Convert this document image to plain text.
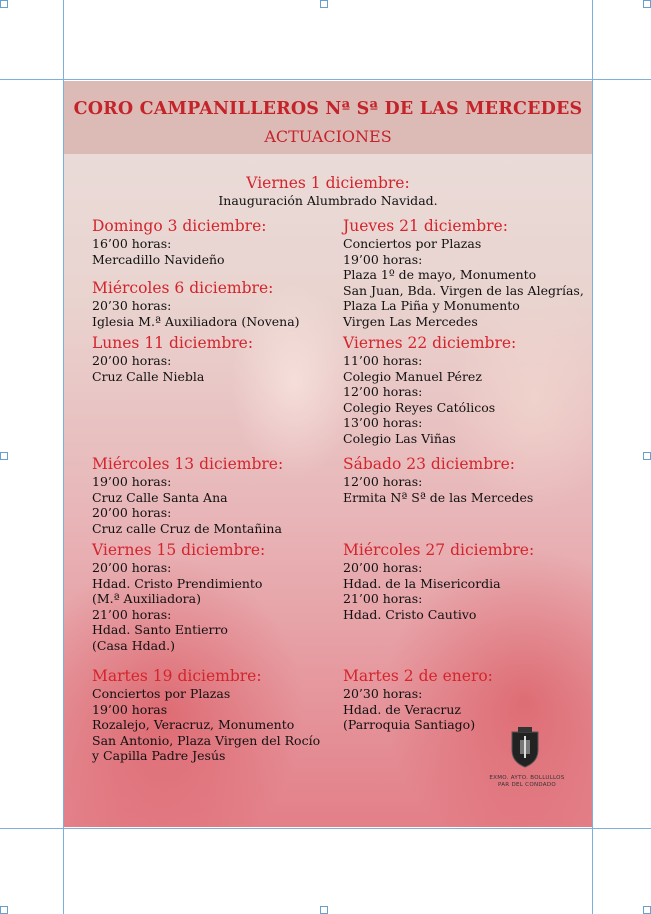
CORO CAMPANILLEROS Nª Sª DE LAS MERCEDES
ACTUACIONES
Viernes 1 diciembre:
Inauguración Alumbrado Navidad.
Domingo 3 diciembre:
16’00 horas:
Mercadillo Navideño
Miércoles 6 diciembre:
20’30 horas:
Iglesia M.ª Auxiliadora (Novena)
Lunes 11 diciembre:
20’00 horas:
Cruz Calle Niebla
Miércoles 13 diciembre:
19’00 horas:
Cruz Calle Santa Ana
20’00 horas:
Cruz calle Cruz de Montañina
Viernes 15 diciembre:
20’00 horas:
Hdad. Cristo Prendimiento
(M.ª Auxiliadora)
21’00 horas:
Hdad. Santo Entierro
(Casa Hdad.)
Martes 19 diciembre:
Conciertos por Plazas
19’00 horas
Rozalejo, Veracruz, Monumento
San Antonio, Plaza Virgen del Rocío
y Capilla Padre Jesús
Jueves 21 diciembre:
Conciertos por Plazas
19’00 horas:
Plaza 1º de mayo, Monumento
San Juan, Bda. Virgen de las Alegrías,
Plaza La Piña y Monumento
Virgen Las Mercedes
Viernes 22 diciembre:
11’00 horas:
Colegio Manuel Pérez
12’00 horas:
Colegio Reyes Católicos
13’00 horas:
Colegio Las Viñas
Sábado 23 diciembre:
12’00 horas:
Ermita Nª Sª de las Mercedes
Miércoles 27 diciembre:
20’00 horas:
Hdad. de la Misericordia
21’00 horas:
Hdad. Cristo Cautivo
Martes 2 de enero:
20’30 horas:
Hdad. de Veracruz
(Parroquia Santiago)
EXMO. AYTO. BOLLULLOS
PAR DEL CONDADO
